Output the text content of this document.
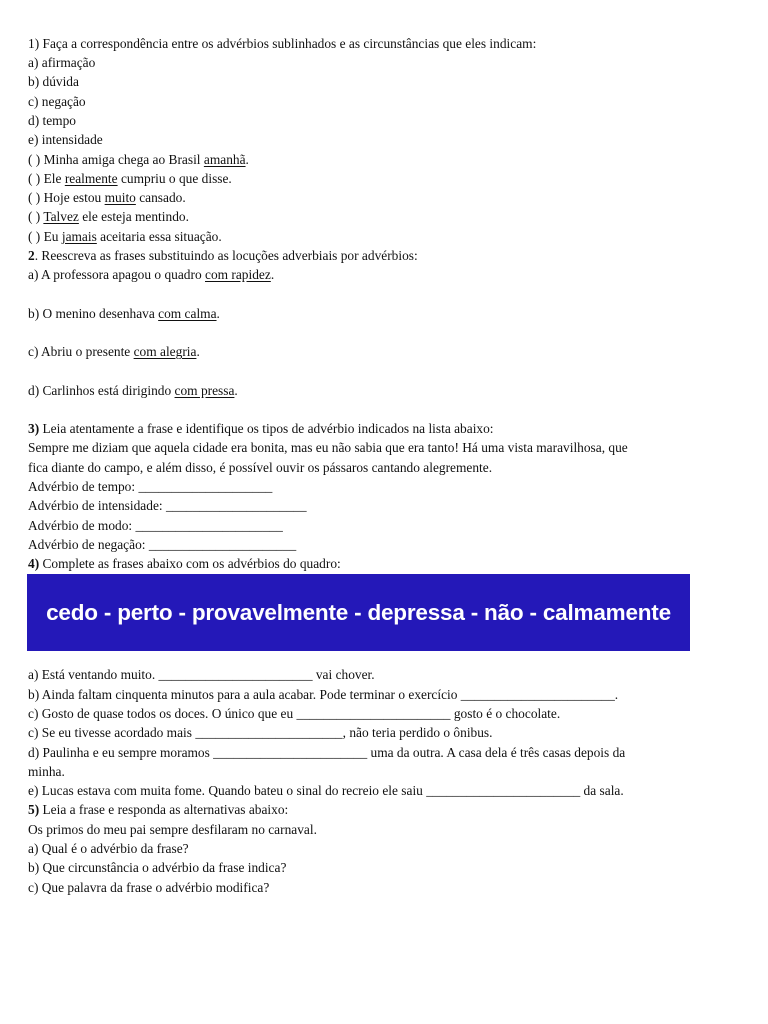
1) Faça a correspondência entre os advérbios sublinhados e as circunstâncias que eles indicam:
a) afirmação
b) dúvida
c) negação
d) tempo
e) intensidade
( ) Minha amiga chega ao Brasil amanhã.
( ) Ele realmente cumpriu o que disse.
( ) Hoje estou muito cansado.
( ) Talvez ele esteja mentindo.
( ) Eu jamais aceitaria essa situação.
2. Reescreva as frases substituindo as locuções adverbiais por advérbios:
a) A professora apagou o quadro com rapidez.
b) O menino desenhava com calma.
c) Abriu o presente com alegria.
d) Carlinhos está dirigindo com pressa.
3) Leia atentamente a frase e identifique os tipos de advérbio indicados na lista abaixo:
Sempre me diziam que aquela cidade era bonita, mas eu não sabia que era tanto! Há uma vista maravilhosa, que
fica diante do campo, e além disso, é possível ouvir os pássaros cantando alegremente.
Advérbio de tempo: ____________________
Advérbio de intensidade: _____________________
Advérbio de modo: ______________________
Advérbio de negação: ______________________
4) Complete as frases abaixo com os advérbios do quadro:
cedo - perto - provavelmente - depressa - não - calmamente
a) Está ventando muito. _______________________ vai chover.
b) Ainda faltam cinquenta minutos para a aula acabar. Pode terminar o exercício _______________________.
c) Gosto de quase todos os doces. O único que eu _______________________ gosto é o chocolate.
c) Se eu tivesse acordado mais ______________________, não teria perdido o ônibus.
d) Paulinha e eu sempre moramos _______________________ uma da outra. A casa dela é três casas depois da
minha.
e) Lucas estava com muita fome. Quando bateu o sinal do recreio ele saiu _______________________ da sala.
5) Leia a frase e responda as alternativas abaixo:
Os primos do meu pai sempre desfilaram no carnaval.
a) Qual é o advérbio da frase?
b) Que circunstância o advérbio da frase indica?
c) Que palavra da frase o advérbio modifica?
